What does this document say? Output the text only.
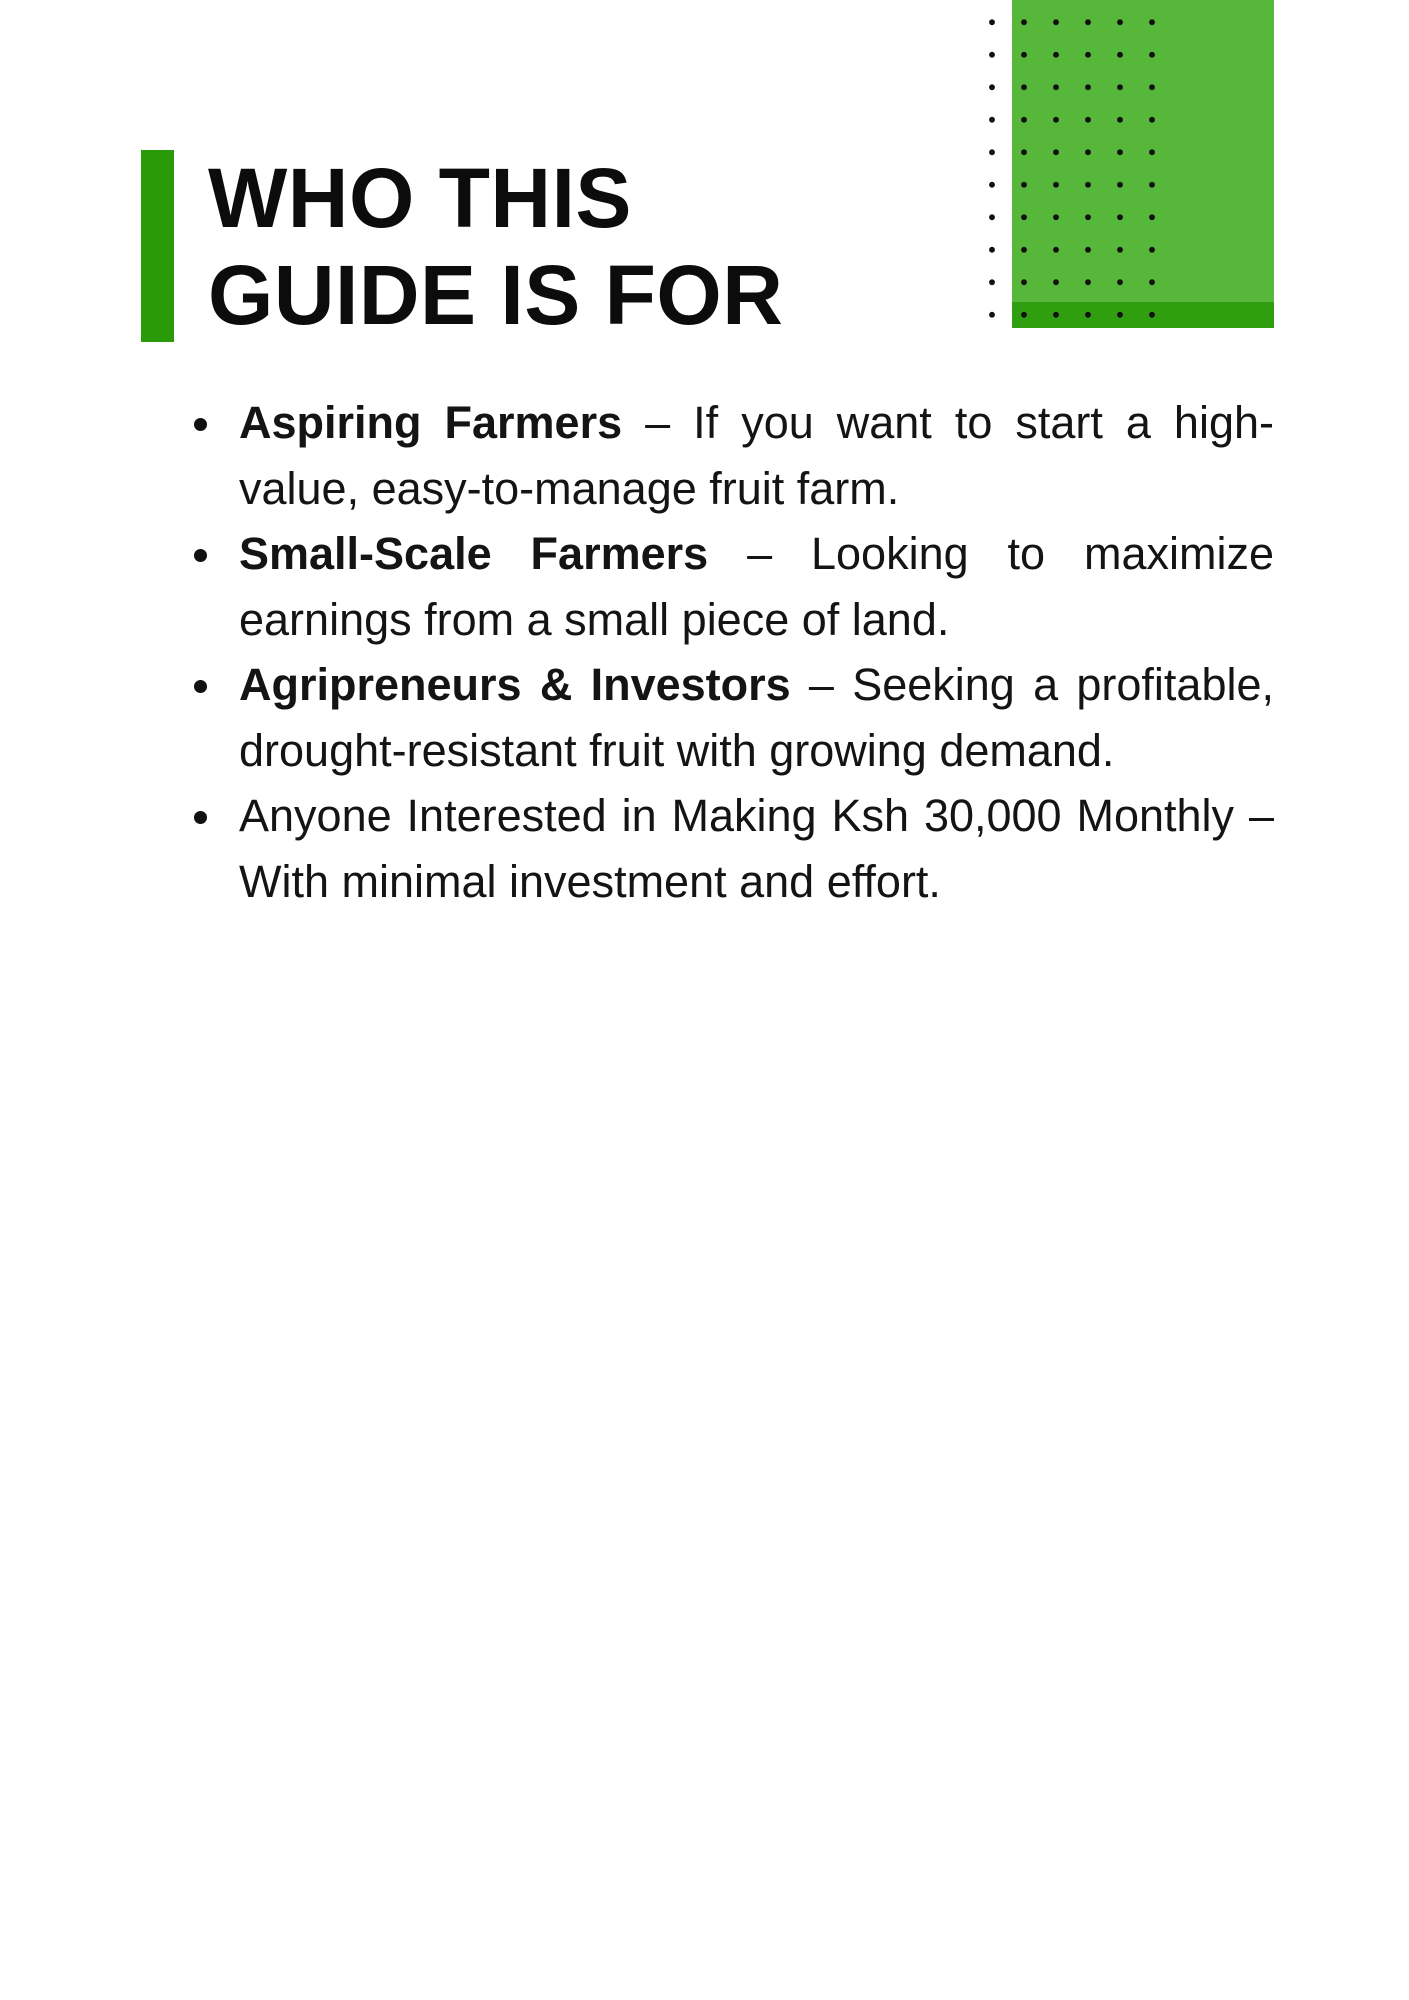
WHO THIS
GUIDE IS FOR
Aspiring Farmers – If you want to start a high-value, easy-to-manage fruit farm.
Small-Scale Farmers – Looking to maximize earnings from a small piece of land.
Agripreneurs & Investors – Seeking a profitable, drought-resistant fruit with growing demand.
Anyone Interested in Making Ksh 30,000 Monthly – With minimal investment and effort.
